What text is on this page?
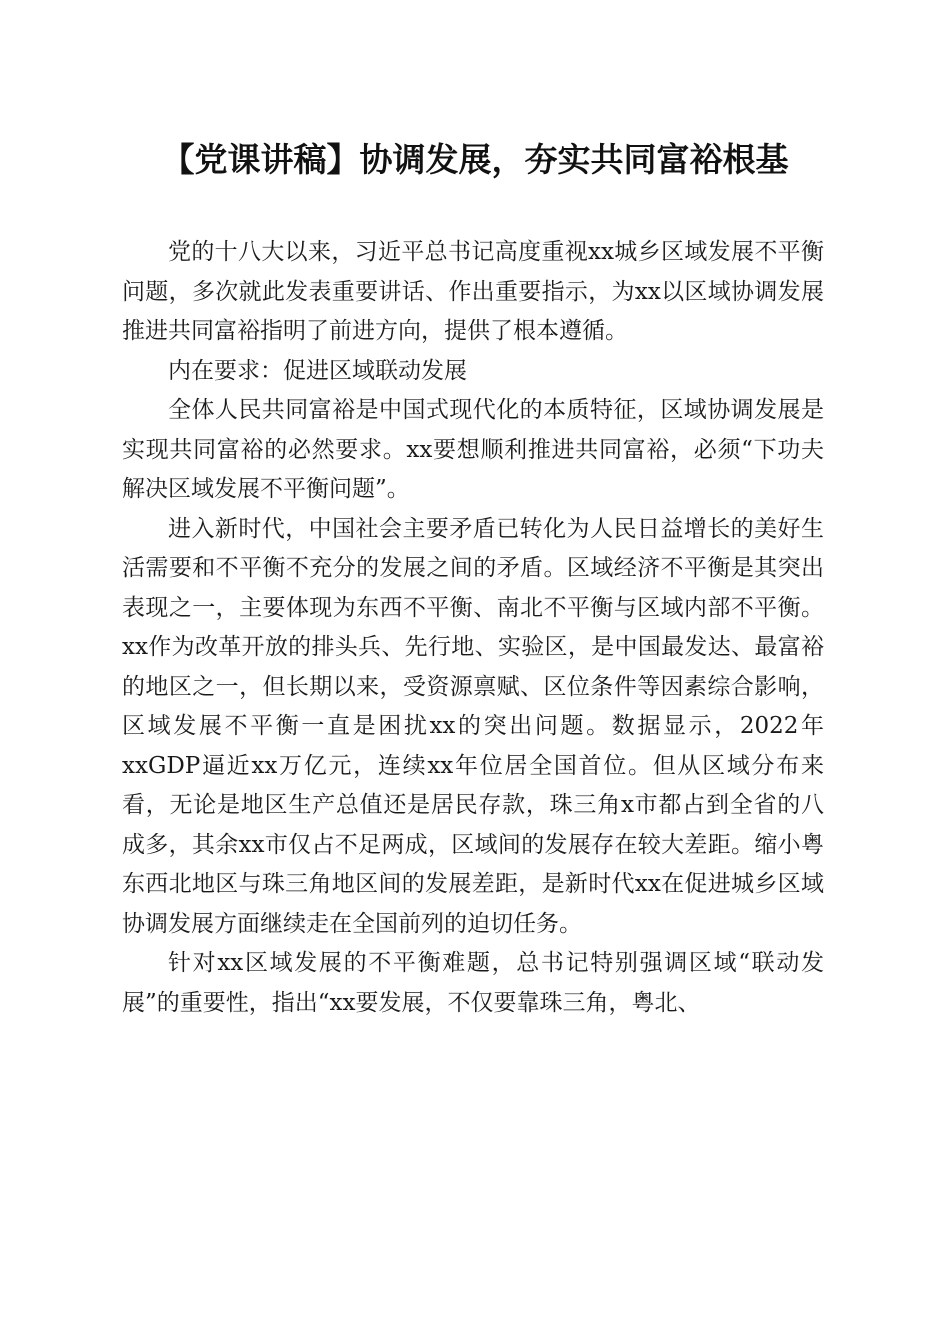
【党课讲稿】协调发展，夯实共同富裕根基

党的十八大以来，习近平总书记高度重视xx城乡区域发展不平衡问题，多次就此发表重要讲话、作出重要指示，为xx以区域协调发展推进共同富裕指明了前进方向，提供了根本遵循。

内在要求：促进区域联动发展

全体人民共同富裕是中国式现代化的本质特征，区域协调发展是实现共同富裕的必然要求。xx要想顺利推进共同富裕，必须“下功夫解决区域发展不平衡问题”。

进入新时代，中国社会主要矛盾已转化为人民日益增长的美好生活需要和不平衡不充分的发展之间的矛盾。区域经济不平衡是其突出表现之一，主要体现为东西不平衡、南北不平衡与区域内部不平衡。xx作为改革开放的排头兵、先行地、实验区，是中国最发达、最富裕的地区之一，但长期以来，受资源禀赋、区位条件等因素综合影响，区域发展不平衡一直是困扰xx的突出问题。数据显示，2022年xxGDP逼近xx万亿元，连续xx年位居全国首位。但从区域分布来看，无论是地区生产总值还是居民存款，珠三角x市都占到全省的八成多，其余xx市仅占不足两成，区域间的发展存在较大差距。缩小粤东西北地区与珠三角地区间的发展差距，是新时代xx在促进城乡区域协调发展方面继续走在全国前列的迫切任务。

针对xx区域发展的不平衡难题，总书记特别强调区域“联动发展”的重要性，指出“xx要发展，不仅要靠珠三角，粤北、
